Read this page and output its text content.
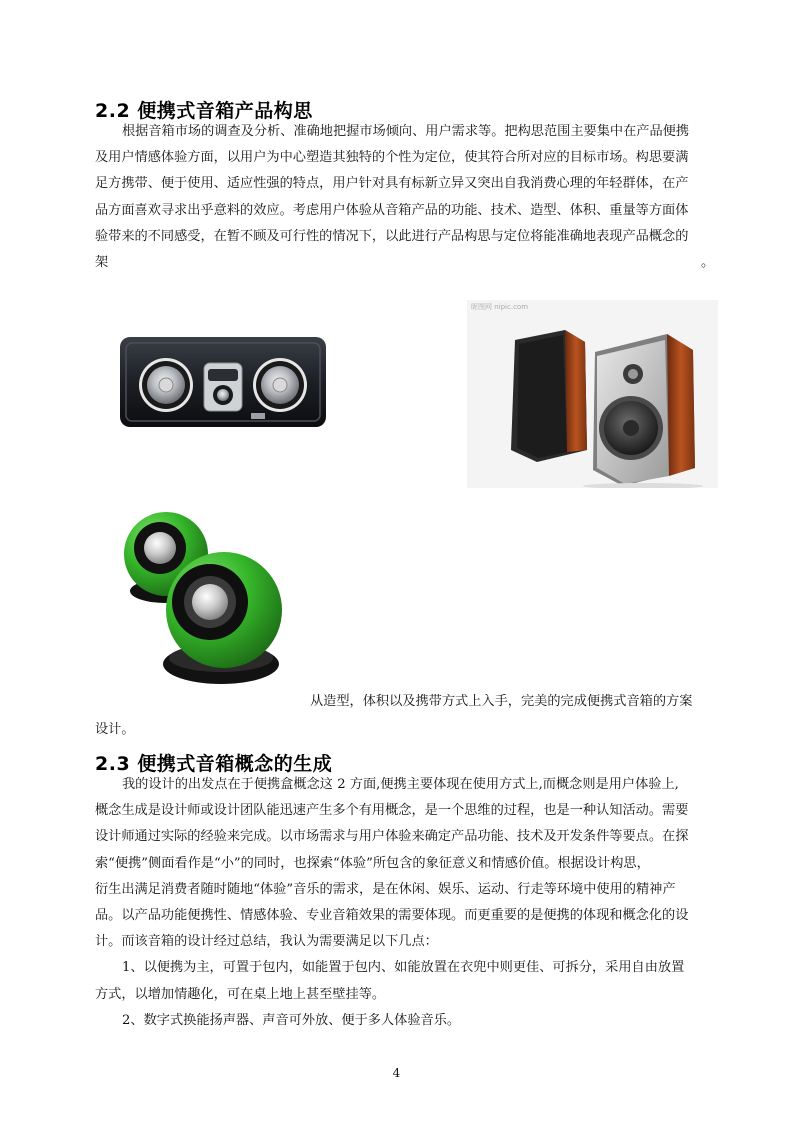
2.2 便携式音箱产品构思
根据音箱市场的调查及分析、准确地把握市场倾向、用户需求等。把构思范围主要集中在产品便携
及用户情感体验方面，以用户为中心塑造其独特的个性为定位，使其符合所对应的目标市场。构思要满
足方携带、便于使用、适应性强的特点，用户针对具有标新立异又突出自我消费心理的年轻群体，在产
品方面喜欢寻求出乎意料的效应。考虑用户体验从音箱产品的功能、技术、造型、体积、重量等方面体
验带来的不同感受，在暂不顾及可行性的情况下，以此进行产品构思与定位将能准确地表现产品概念的
架	。
昵图网 nipic.com
从造型，体积以及携带方式上入手，完美的完成便携式音箱的方案
设计。
2.3 便携式音箱概念的生成
我的设计的出发点在于便携盒概念这 2 方面,便携主要体现在使用方式上,而概念则是用户体验上,
概念生成是设计师或设计团队能迅速产生多个有用概念，是一个思维的过程，也是一种认知活动。需要
设计师通过实际的经验来完成。以市场需求与用户体验来确定产品功能、技术及开发条件等要点。在探
索“便携”侧面看作是“小”的同时，也探索“体验”所包含的象征意义和情感价值。根据设计构思，
衍生出满足消费者随时随地“体验”音乐的需求，是在休闲、娱乐、运动、行走等环境中使用的精神产
品。以产品功能便携性、情感体验、专业音箱效果的需要体现。而更重要的是便携的体现和概念化的设
计。而该音箱的设计经过总结，我认为需要满足以下几点：
1、以便携为主，可置于包内，如能置于包内、如能放置在衣兜中则更佳、可拆分，采用自由放置
方式，以增加情趣化，可在桌上地上甚至壁挂等。
2、数字式换能扬声器、声音可外放、便于多人体验音乐。
4
